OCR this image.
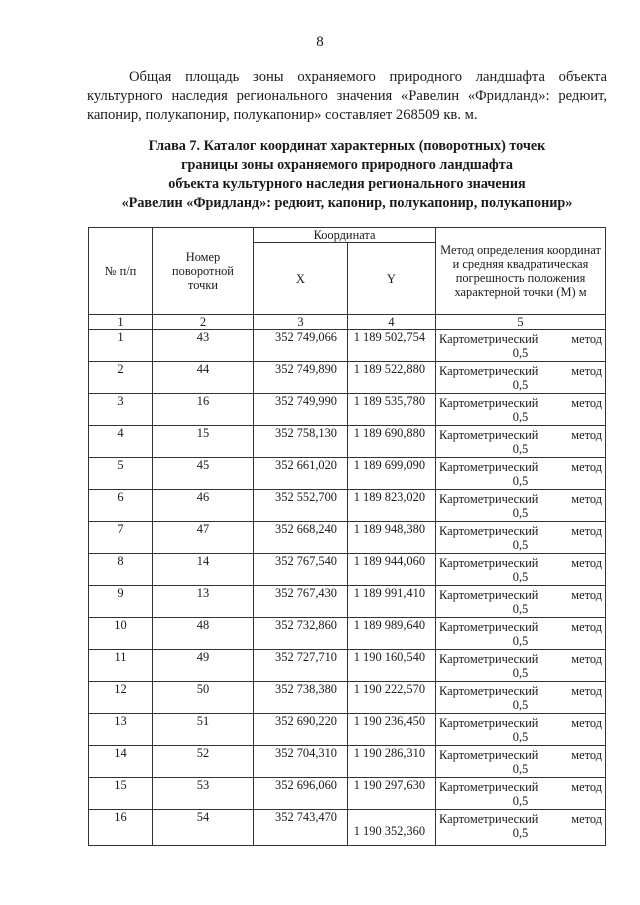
8
Общая площадь зоны охраняемого природного ландшафта объекта культурного наследия регионального значения «Равелин «Фридланд»: редюит, капонир, полукапонир, полукапонир» составляет 268509 кв. м.
Глава 7. Каталог координат характерных (поворотных) точек
границы зоны охраняемого природного ландшафта
объекта культурного наследия регионального значения
«Равелин «Фридланд»: редюит, капонир, полукапонир, полукапонир»
№ п/п	Номер поворотной точки	Координата		Метод определения координат и средняя квадратическая погрешность положения характерной точки (М) м
		X	Y	
1	2	3	4	5
1	43	352 749,066	1 189 502,754	Картометрический метод
0,5

2	44	352 749,890	1 189 522,880	Картометрический метод
0,5

3	16	352 749,990	1 189 535,780	Картометрический метод
0,5

4	15	352 758,130	1 189 690,880	Картометрический метод
0,5

5	45	352 661,020	1 189 699,090	Картометрический метод
0,5

6	46	352 552,700	1 189 823,020	Картометрический метод
0,5

7	47	352 668,240	1 189 948,380	Картометрический метод
0,5

8	14	352 767,540	1 189 944,060	Картометрический метод
0,5

9	13	352 767,430	1 189 991,410	Картометрический метод
0,5

10	48	352 732,860	1 189 989,640	Картометрический метод
0,5

11	49	352 727,710	1 190 160,540	Картометрический метод
0,5

12	50	352 738,380	1 190 222,570	Картометрический метод
0,5

13	51	352 690,220	1 190 236,450	Картометрический метод
0,5

14	52	352 704,310	1 190 286,310	Картометрический метод
0,5

15	53	352 696,060	1 190 297,630	Картометрический метод
0,5

16	54	352 743,470	1 190 352,360	Картометрический метод
0,5
